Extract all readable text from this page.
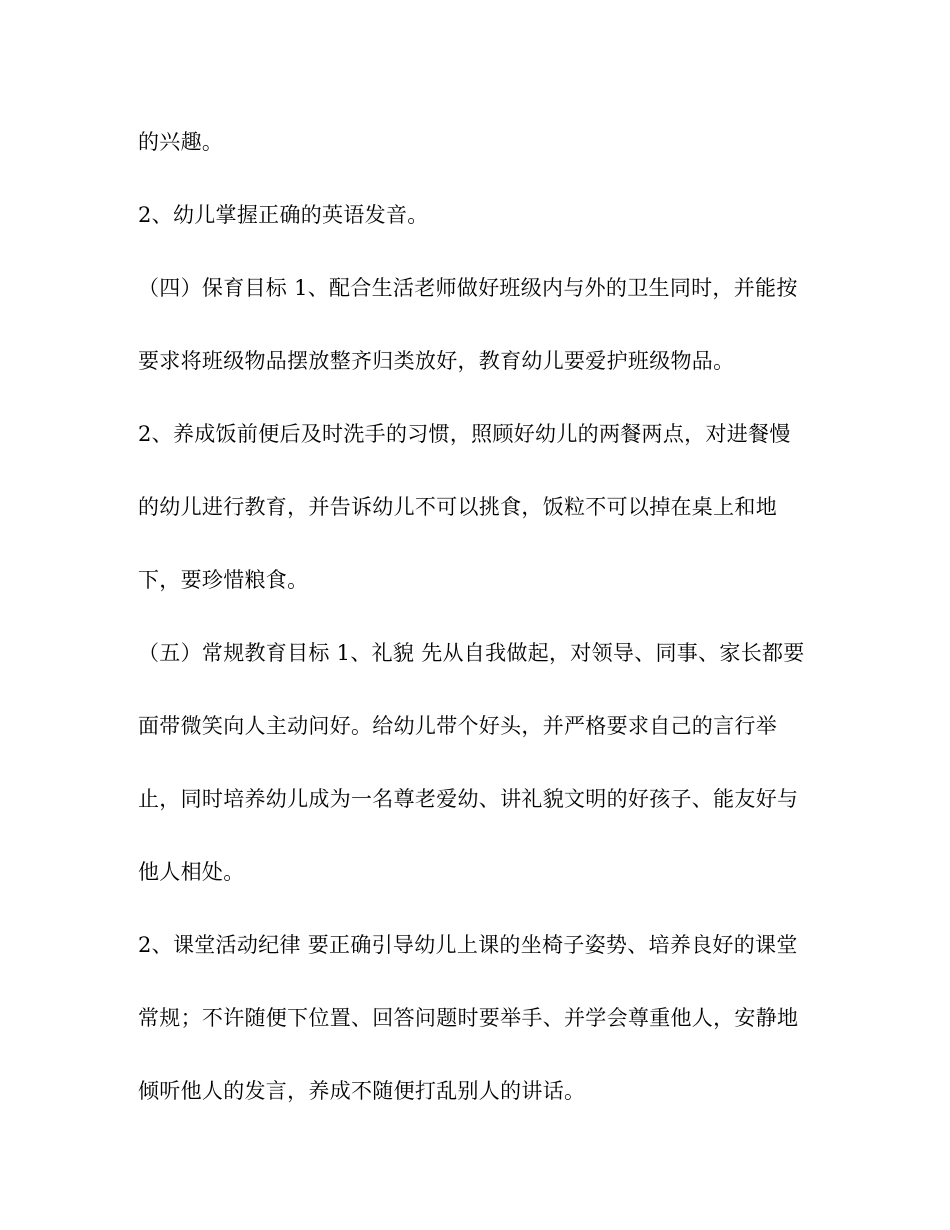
的兴趣。

2、幼儿掌握正确的英语发音。

（四）保育目标 1、配合生活老师做好班级内与外的卫生同时，并能按

要求将班级物品摆放整齐归类放好，教育幼儿要爱护班级物品。

2、养成饭前便后及时洗手的习惯，照顾好幼儿的两餐两点，对进餐慢

的幼儿进行教育，并告诉幼儿不可以挑食，饭粒不可以掉在桌上和地

下，要珍惜粮食。

（五）常规教育目标 1、礼貌 先从自我做起，对领导、同事、家长都要

面带微笑向人主动问好。给幼儿带个好头，并严格要求自己的言行举

止，同时培养幼儿成为一名尊老爱幼、讲礼貌文明的好孩子、能友好与

他人相处。

2、课堂活动纪律 要正确引导幼儿上课的坐椅子姿势、培养良好的课堂

常规；不许随便下位置、回答问题时要举手、并学会尊重他人，安静地

倾听他人的发言，养成不随便打乱别人的讲话。
